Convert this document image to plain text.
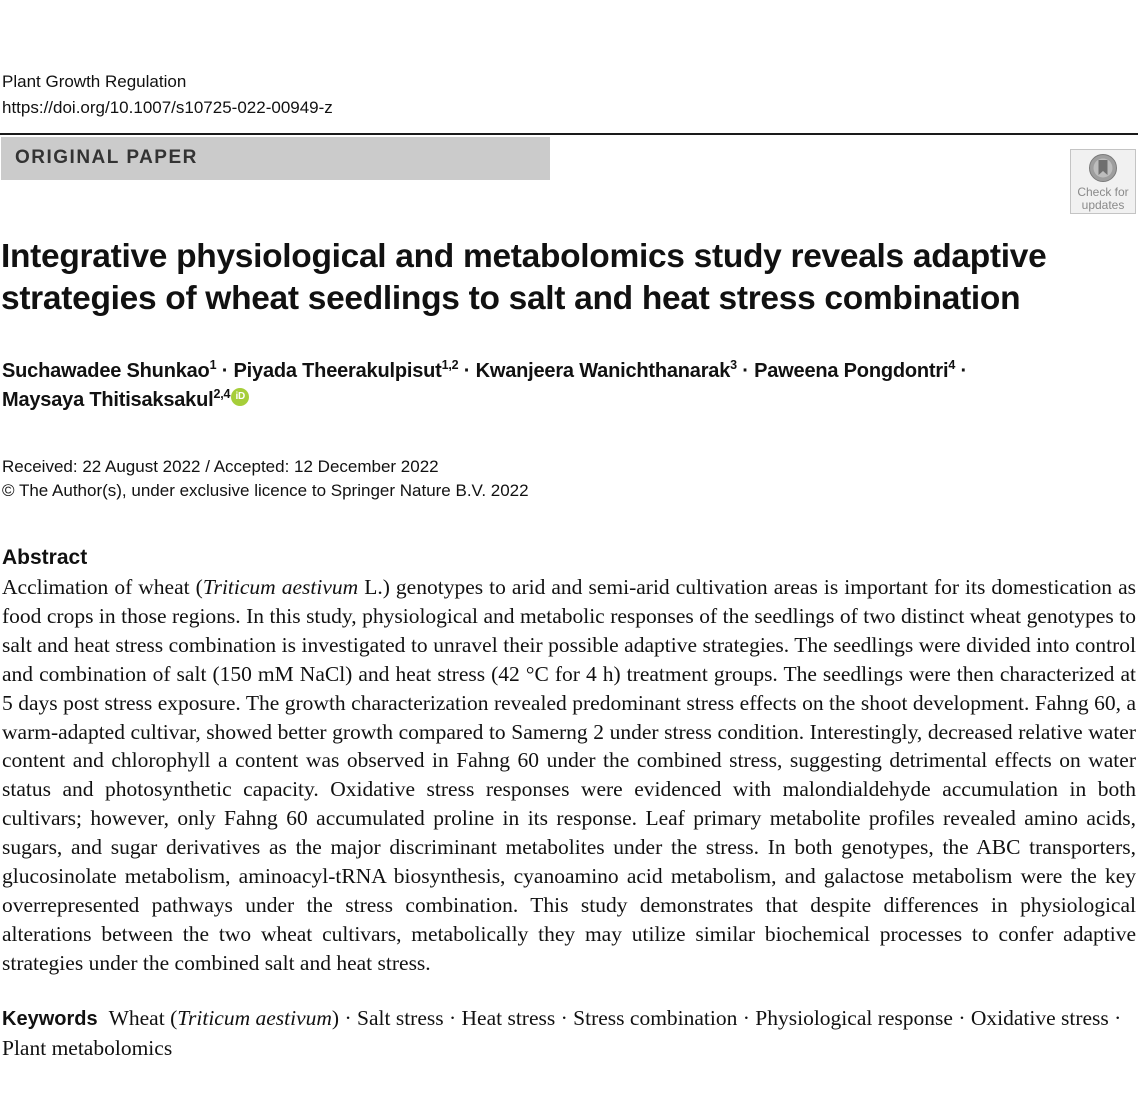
Plant Growth Regulation
https://doi.org/10.1007/s10725-022-00949-z
ORIGINAL PAPER
Check for
updates
Integrative physiological and metabolomics study reveals adaptive strategies of wheat seedlings to salt and heat stress combination
Suchawadee Shunkao$^1$ · Piyada Theerakulpisut$^{1,2}$ · Kwanjeera Wanichthanarak$^3$ · Paweena Pongdontri$^4$ ·
Maysaya Thitisaksakul$^{2,4}$ iD
Received: 22 August 2022 / Accepted: 12 December 2022
© The Author(s), under exclusive licence to Springer Nature B.V. 2022
Abstract

Acclimation of wheat (Triticum aestivum L.) genotypes to arid and semi-arid cultivation areas is important for its domestication as food crops in those regions. In this study, physiological and metabolic responses of the seedlings of two distinct wheat genotypes to salt and heat stress combination is investigated to unravel their possible adaptive strategies. The seedlings were divided into control and combination of salt (150 mM NaCl) and heat stress (42 °C for 4 h) treatment groups. The seedlings were then characterized at 5 days post stress exposure. The growth characterization revealed predominant stress effects on the shoot development. Fahng 60, a warm-adapted cultivar, showed better growth compared to Samerng 2 under stress condition. Interestingly, decreased relative water content and chlorophyll a content was observed in Fahng 60 under the combined stress, suggesting detrimental effects on water status and photosynthetic capacity. Oxidative stress responses were evidenced with malondialdehyde accumulation in both cultivars; however, only Fahng 60 accumulated proline in its response. Leaf primary metabolite profiles revealed amino acids, sugars, and sugar derivatives as the major discriminant metabolites under the stress. In both genotypes, the ABC transporters, glucosinolate metabolism, aminoacyl-tRNA biosynthesis, cyanoamino acid metabolism, and galactose metabolism were the key overrepresented pathways under the stress combination. This study demonstrates that despite differences in physiological alterations between the two wheat cultivars, metabolically they may utilize similar biochemical processes to confer adaptive strategies under the combined salt and heat stress.

Keywords Wheat (Triticum aestivum) · Salt stress · Heat stress · Stress combination · Physiological response · Oxidative stress · Plant metabolomics
